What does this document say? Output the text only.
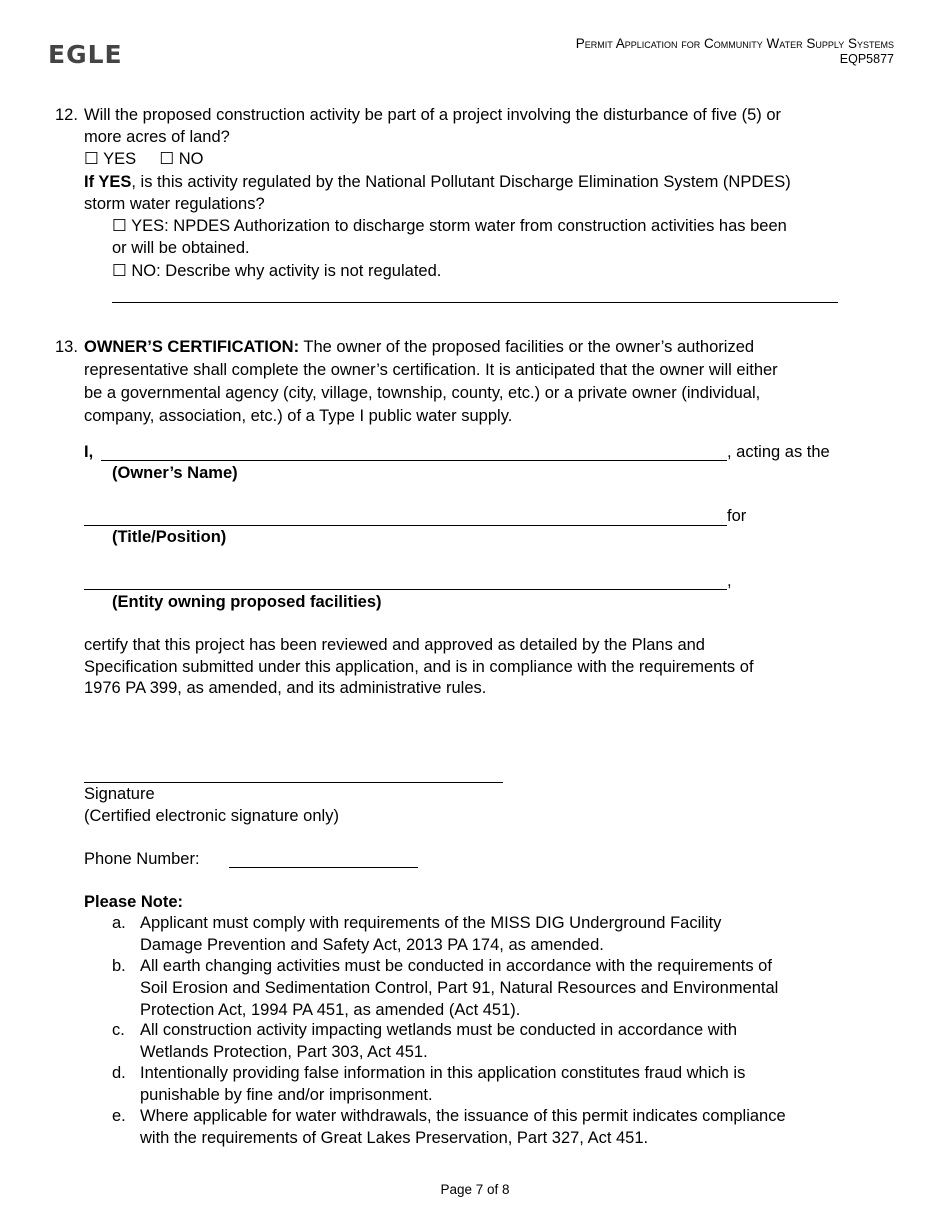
EGLE	Permit Application for Community Water Supply Systems
EQP5877
12. Will the proposed construction activity be part of a project involving the disturbance of five (5) or
more acres of land?
☐ YES ☐ NO
If YES, is this activity regulated by the National Pollutant Discharge Elimination System (NPDES)
storm water regulations?
☐ YES: NPDES Authorization to discharge storm water from construction activities has been
or will be obtained.
☐ NO: Describe why activity is not regulated.
13. OWNER’S CERTIFICATION: The owner of the proposed facilities or the owner’s authorized
representative shall complete the owner’s certification. It is anticipated that the owner will either
be a governmental agency (city, village, township, county, etc.) or a private owner (individual,
company, association, etc.) of a Type I public water supply.
I,	, acting as the
(Owner’s Name)
for
(Title/Position)
,
(Entity owning proposed facilities)
certify that this project has been reviewed and approved as detailed by the Plans and
Specification submitted under this application, and is in compliance with the requirements of
1976 PA 399, as amended, and its administrative rules.
Signature
(Certified electronic signature only)
Phone Number:
Please Note:
a. Applicant must comply with requirements of the MISS DIG Underground Facility
Damage Prevention and Safety Act, 2013 PA 174, as amended.
b. All earth changing activities must be conducted in accordance with the requirements of
Soil Erosion and Sedimentation Control, Part 91, Natural Resources and Environmental
Protection Act, 1994 PA 451, as amended (Act 451).
c. All construction activity impacting wetlands must be conducted in accordance with
Wetlands Protection, Part 303, Act 451.
d. Intentionally providing false information in this application constitutes fraud which is
punishable by fine and/or imprisonment.
e. Where applicable for water withdrawals, the issuance of this permit indicates compliance
with the requirements of Great Lakes Preservation, Part 327, Act 451.
Page 7 of 8
